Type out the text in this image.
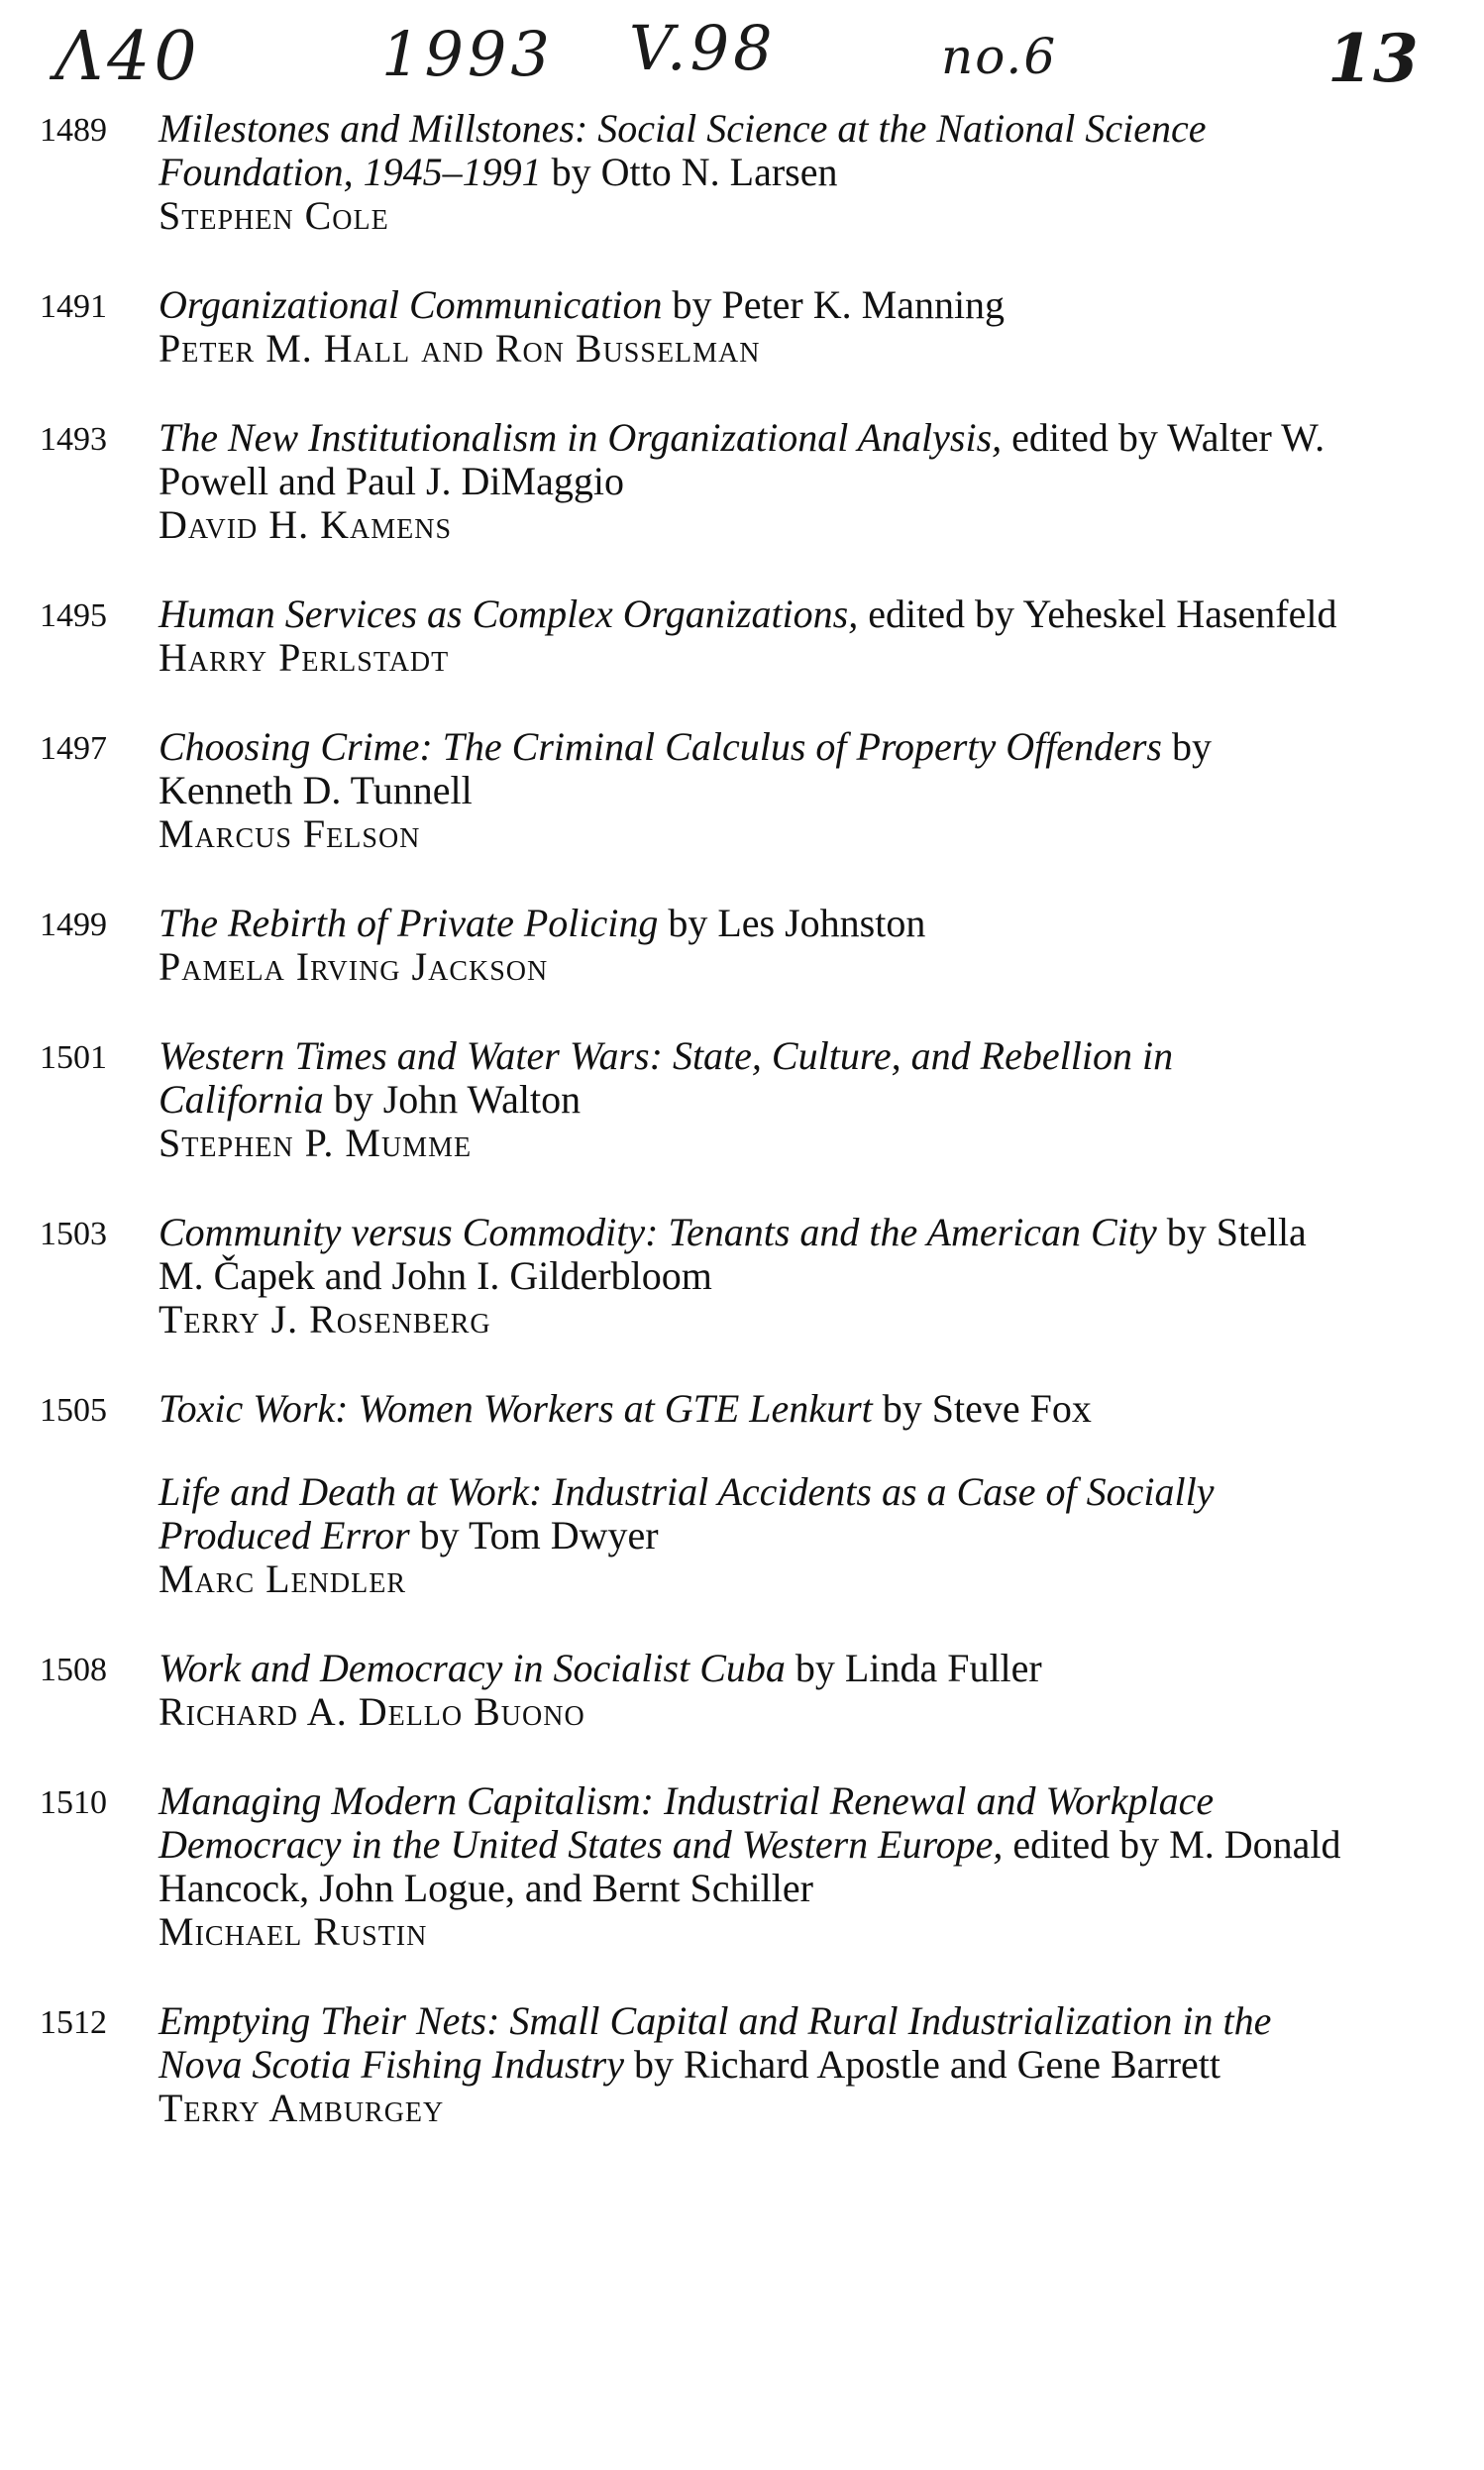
Λ40	1993 V.98	no.6	13
1489	Milestones and Millstones: Social Science at the National Science Foundation, 1945–1991 by Otto N. Larsen
Stephen Cole
1491	Organizational Communication by Peter K. Manning
Peter M. Hall and Ron Busselman
1493	The New Institutionalism in Organizational Analysis, edited by Walter W. Powell and Paul J. DiMaggio
David H. Kamens
1495	Human Services as Complex Organizations, edited by Yeheskel Hasenfeld
Harry Perlstadt
1497	Choosing Crime: The Criminal Calculus of Property Offenders by Kenneth D. Tunnell
Marcus Felson
1499	The Rebirth of Private Policing by Les Johnston
Pamela Irving Jackson
1501	Western Times and Water Wars: State, Culture, and Rebellion in California by John Walton
Stephen P. Mumme
1503	Community versus Commodity: Tenants and the American City by Stella M. Čapek and John I. Gilderbloom
Terry J. Rosenberg
1505	Toxic Work: Women Workers at GTE Lenkurt by Steve Fox
Life and Death at Work: Industrial Accidents as a Case of Socially Produced Error by Tom Dwyer
Marc Lendler
1508	Work and Democracy in Socialist Cuba by Linda Fuller
Richard A. Dello Buono
1510	Managing Modern Capitalism: Industrial Renewal and Workplace Democracy in the United States and Western Europe, edited by M. Donald Hancock, John Logue, and Bernt Schiller
Michael Rustin
1512	Emptying Their Nets: Small Capital and Rural Industrialization in the Nova Scotia Fishing Industry by Richard Apostle and Gene Barrett
Terry Amburgey
